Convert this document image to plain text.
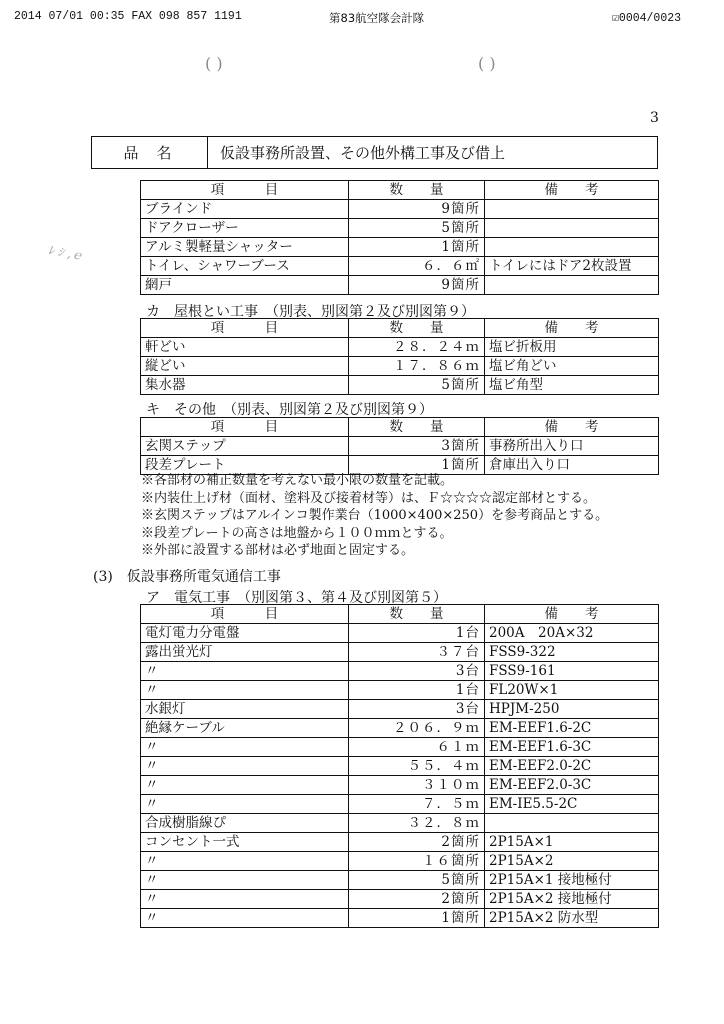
2014 07/01 00:35 FAX 098 857 1191	第83航空隊会計隊	☑0004/0023
( )	( )
3
ﾚ ｼ ,ｅ
品名	仮設事務所設置、その他外構工事及び借上
項　　　目	数　　量	備　　考
ブラインド	9箇所	
ドアクローザー	5箇所	
アルミ製軽量シャッター	1箇所	
トイレ、シャワーブース	６．６㎡	トイレにはドア2枚設置
網戸	9箇所	
カ　屋根とい工事　（別表、別図第２及び別図第９）
項　　　目	数　　量	備　　考
軒どい	２８．２４ｍ	塩ビ折板用
縦どい	１７．８６ｍ	塩ビ角どい
集水器	5箇所	塩ビ角型
キ　その他　（別表、別図第２及び別図第９）
項　　　目	数　　量	備　　考
玄関ステップ	3箇所	事務所出入り口
段差プレート	1箇所	倉庫出入り口
※各部材の補正数量を考えない最小限の数量を記載。
※内装仕上げ材（面材、塗料及び接着材等）は、Ｆ☆☆☆☆認定部材とする。
※玄関ステップはアルインコ製作業台（1000×400×250）を参考商品とする。
※段差プレートの高さは地盤から１００ｍｍとする。
※外部に設置する部材は必ず地面と固定する。
(3)　仮設事務所電気通信工事
ア　電気工事　（別図第３、第４及び別図第５）
項　　　目	数　　量	備　　考
電灯電力分電盤	1台	200A　20A×32
露出蛍光灯	３７台	FSS9-322
〃	3台	FSS9-161
〃	1台	FL20W×1
水銀灯	3台	HPJM-250
絶縁ケーブル	２０６．９ｍ	EM-EEF1.6-2C
〃	６１ｍ	EM-EEF1.6-3C
〃	５５．４ｍ	EM-EEF2.0-2C
〃	３１０ｍ	EM-EEF2.0-3C
〃	７．５ｍ	EM-IE5.5-2C
合成樹脂線ぴ	３２．８ｍ	
コンセント一式	2箇所	2P15A×1
〃	１６箇所	2P15A×2
〃	5箇所	2P15A×1 接地極付
〃	2箇所	2P15A×2 接地極付
〃	1箇所	2P15A×2 防水型
